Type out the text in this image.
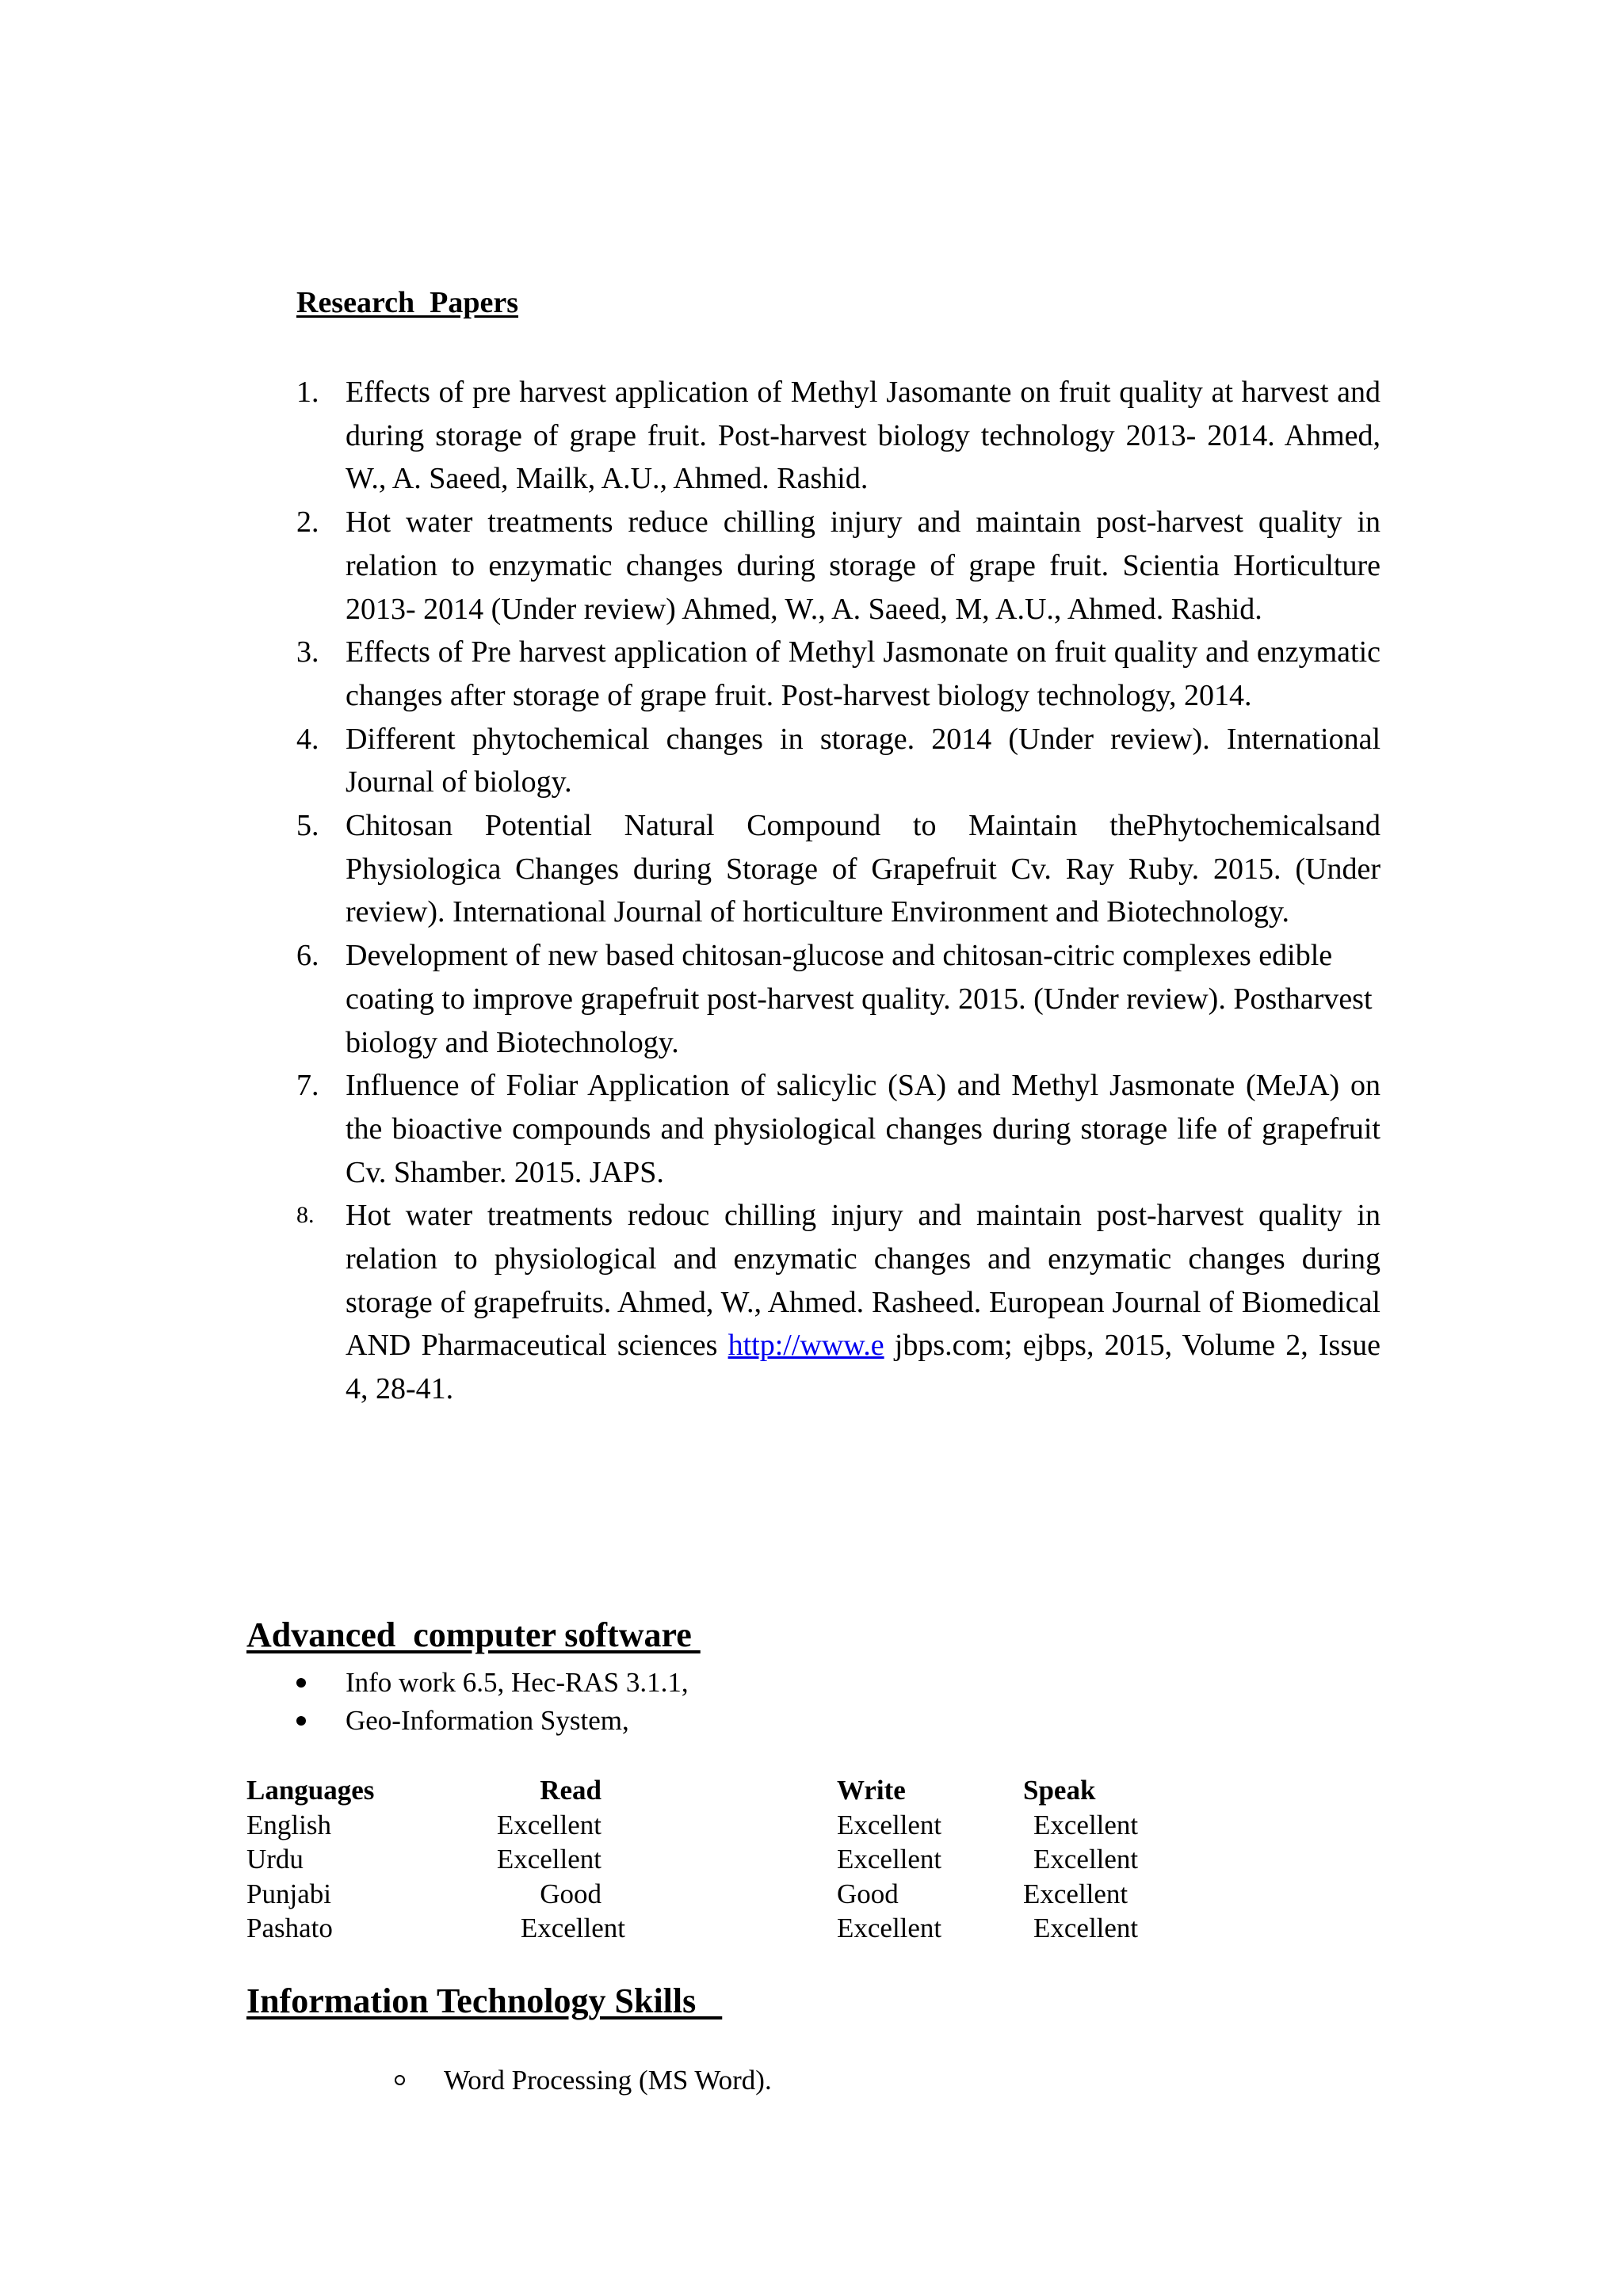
Research  Papers
1. Effects of pre harvest application of Methyl Jasomante on fruit quality at harvest and during storage of grape fruit. Post-harvest biology technology 2013- 2014. Ahmed, W., A. Saeed, Mailk, A.U., Ahmed. Rashid.
2. Hot water treatments reduce chilling injury and maintain post-harvest quality in relation to enzymatic changes during storage of grape fruit. Scientia Horticulture 2013- 2014 (Under review) Ahmed, W., A. Saeed, M, A.U., Ahmed. Rashid.
3. Effects of Pre harvest application of Methyl Jasmonate on fruit quality and enzymatic changes after storage of grape fruit. Post-harvest biology technology, 2014.
4. Different phytochemical changes in storage. 2014 (Under review). International Journal of biology.
5. Chitosan Potential Natural Compound to Maintain thePhytochemicalsand Physiologica Changes during Storage of Grapefruit Cv. Ray Ruby. 2015. (Under review). International Journal of horticulture Environment and Biotechnology.
6. Development of new based chitosan-glucose and chitosan-citric complexes edible coating to improve grapefruit post-harvest quality. 2015. (Under review). Postharvest biology and Biotechnology.
7. Influence of Foliar Application of salicylic (SA) and Methyl Jasmonate (MeJA) on the bioactive compounds and physiological changes during storage life of grapefruit Cv. Shamber. 2015. JAPS.
8. Hot water treatments redouc chilling injury and maintain post-harvest quality in relation to physiological and enzymatic changes and enzymatic changes during storage of grapefruits. Ahmed, W., Ahmed. Rasheed. European Journal of Biomedical AND Pharmaceutical sciences http://www.e jbps.com; ejbps, 2015, Volume 2, Issue 4, 28-41.
Advanced  computer software
Info work 6.5, Hec-RAS 3.1.1,
Geo-Information System,
Languages	Read	Write	Speak
English	Excellent	Excellent	Excellent
Urdu	Excellent	Excellent	Excellent
Punjabi	Good	Good	Excellent
Pashato	Excellent	Excellent	Excellent
Information Technology Skills
Word Processing (MS Word).
